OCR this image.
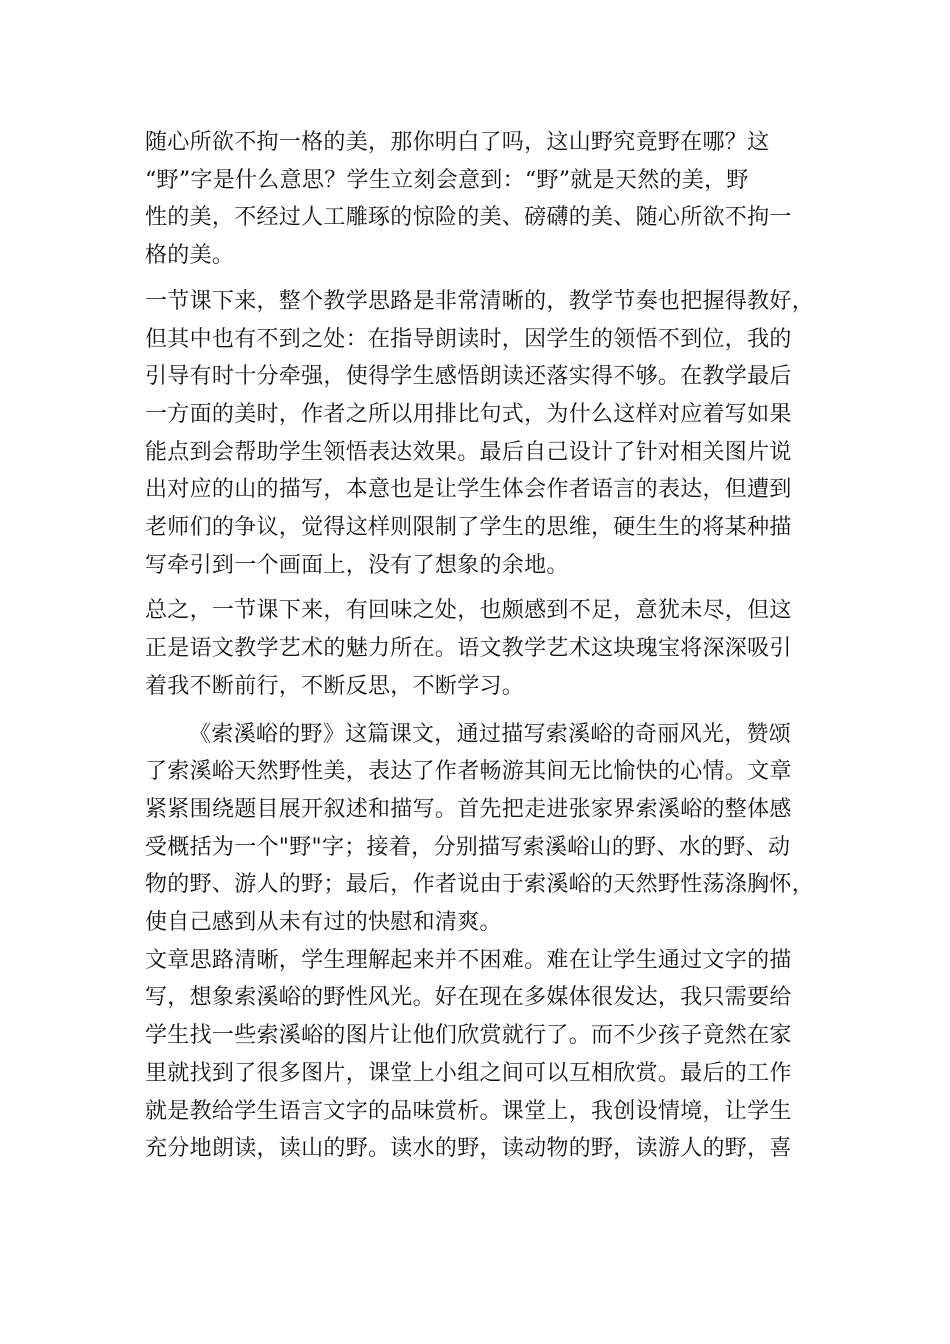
随心所欲不拘一格的美，那你明白了吗，这山野究竟野在哪？这
“野”字是什么意思？学生立刻会意到：“野”就是天然的美，野
性的美，不经过人工雕琢的惊险的美、磅礴的美、随心所欲不拘一
格的美。

一节课下来，整个教学思路是非常清晰的，教学节奏也把握得教好，
但其中也有不到之处：在指导朗读时，因学生的领悟不到位，我的
引导有时十分牵强，使得学生感悟朗读还落实得不够。在教学最后
一方面的美时，作者之所以用排比句式，为什么这样对应着写如果
能点到会帮助学生领悟表达效果。最后自己设计了针对相关图片说
出对应的山的描写，本意也是让学生体会作者语言的表达，但遭到
老师们的争议，觉得这样则限制了学生的思维，硬生生的将某种描
写牵引到一个画面上，没有了想象的余地。

总之，一节课下来，有回味之处，也颇感到不足，意犹未尽，但这
正是语文教学艺术的魅力所在。语文教学艺术这块瑰宝将深深吸引
着我不断前行，不断反思，不断学习。

《索溪峪的野》这篇课文，通过描写索溪峪的奇丽风光，赞颂
了索溪峪天然野性美，表达了作者畅游其间无比愉快的心情。文章
紧紧围绕题目展开叙述和描写。首先把走进张家界索溪峪的整体感
受概括为一个"野"字；接着，分别描写索溪峪山的野、水的野、动
物的野、游人的野；最后，作者说由于索溪峪的天然野性荡涤胸怀，
使自己感到从未有过的快慰和清爽。

文章思路清晰，学生理解起来并不困难。难在让学生通过文字的描
写，想象索溪峪的野性风光。好在现在多媒体很发达，我只需要给
学生找一些索溪峪的图片让他们欣赏就行了。而不少孩子竟然在家
里就找到了很多图片，课堂上小组之间可以互相欣赏。最后的工作
就是教给学生语言文字的品味赏析。课堂上，我创设情境，让学生
充分地朗读，读山的野。读水的野，读动物的野，读游人的野，喜
